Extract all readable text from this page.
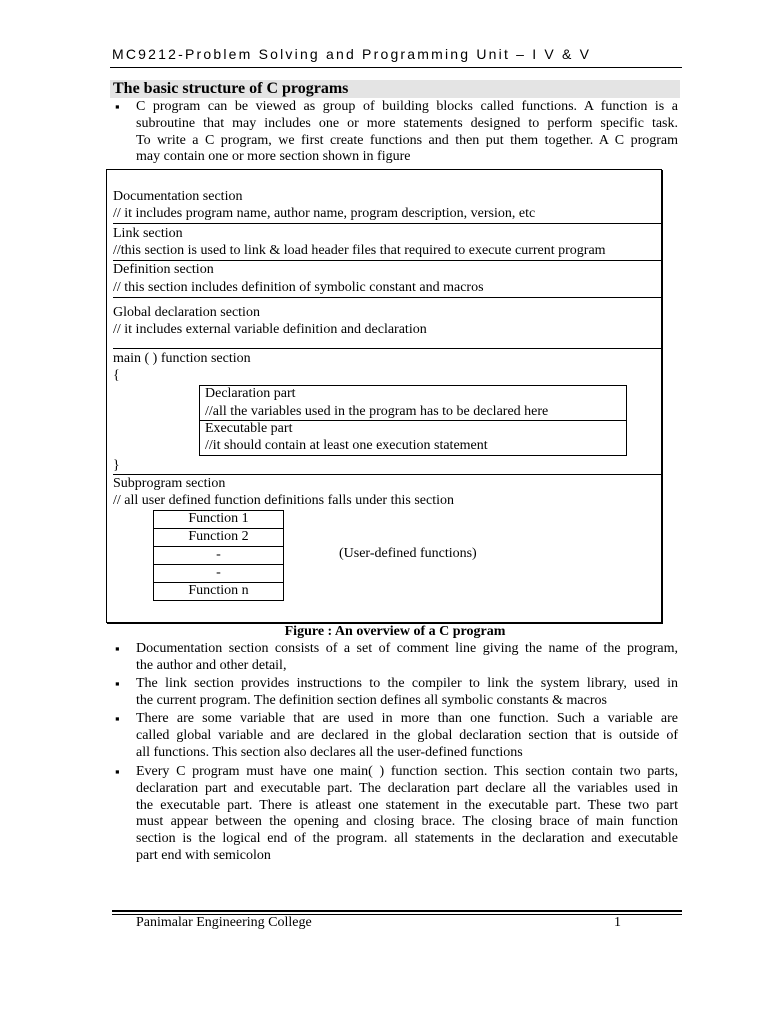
MC9212-Problem Solving and Programming Unit – I V & V
The basic structure of C programs
▪ C program can be viewed as group of building blocks called functions. A function is a
subroutine that may includes one or more statements designed to perform specific task.
To write a C program, we first create functions and then put them together. A C program
may contain one or more section shown in figure
Documentation section
// it includes program name, author name, program description, version, etc
Link section
//this section is used to link & load header files that required to execute current program
Definition section
// this section includes definition of symbolic constant and macros
Global declaration section
// it includes external variable definition and declaration
main ( ) function section
{
Declaration part
//all the variables used in the program has to be declared here
Executable part
//it should contain at least one execution statement
}
Subprogram section
// all user defined function definitions falls under this section
Function 1
Function 2
-
-
Function n
(User-defined functions)
Figure : An overview of a C program
▪ Documentation section consists of a set of comment line giving the name of the program,
the author and other detail,
▪ The link section provides instructions to the compiler to link the system library, used in
the current program. The definition section defines all symbolic constants & macros
▪ There are some variable that are used in more than one function. Such a variable are
called global variable and are declared in the global declaration section that is outside of
all functions. This section also declares all the user-defined functions
▪ Every C program must have one main( ) function section. This section contain two parts,
declaration part and executable part. The declaration part declare all the variables used in
the executable part. There is atleast one statement in the executable part. These two part
must appear between the opening and closing brace. The closing brace of main function
section is the logical end of the program. all statements in the declaration and executable
part end with semicolon
Panimalar Engineering College	1
